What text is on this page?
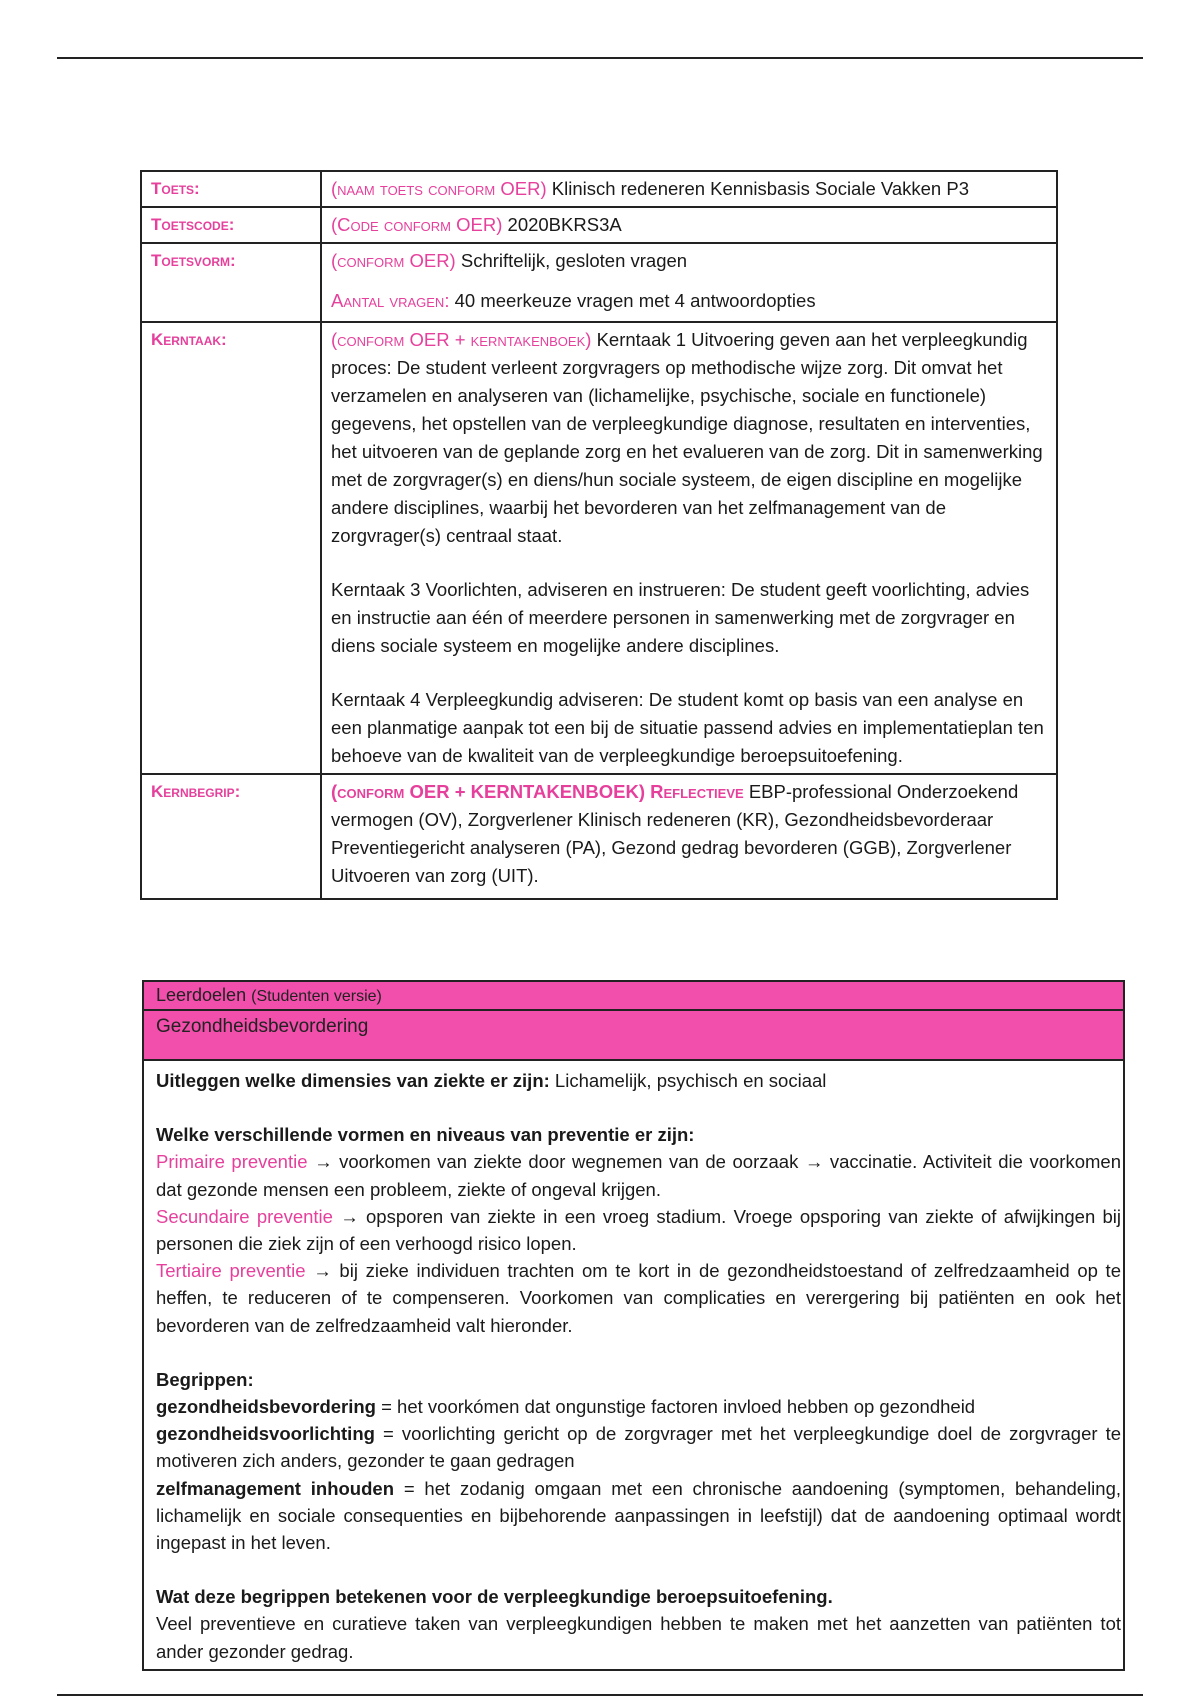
Toets:	(naam toets conform OER) Klinisch redeneren Kennisbasis Sociale Vakken P3
Toetscode:	(Code conform OER) 2020BKRS3A
Toetsvorm:	(conform OER) Schriftelijk, gesloten vragen
Aantal vragen: 40 meerkeuze vragen met 4 antwoordopties

Kerntaak:	(conform OER + kerntakenboek) Kerntaak 1 Uitvoering geven aan het verpleegkundig proces: De student verleent zorgvragers op methodische wijze zorg. Dit omvat het verzamelen en analyseren van (lichamelijke, psychische, sociale en functionele) gegevens, het opstellen van de verpleegkundige diagnose, resultaten en interventies, het uitvoeren van de geplande zorg en het evalueren van de zorg. Dit in samenwerking met de zorgvrager(s) en diens/hun sociale systeem, de eigen discipline en mogelijke andere disciplines, waarbij het bevorderen van het zelfmanagement van de zorgvrager(s) centraal staat.
Kerntaak 3 Voorlichten, adviseren en instrueren: De student geeft voorlichting, advies en instructie aan één of meerdere personen in samenwerking met de zorgvrager en diens sociale systeem en mogelijke andere disciplines.
Kerntaak 4 Verpleegkundig adviseren: De student komt op basis van een analyse en een planmatige aanpak tot een bij de situatie passend advies en implementatieplan ten behoeve van de kwaliteit van de verpleegkundige beroepsuitoefening.

Kernbegrip:	(conform OER + KERNTAKENBOEK) Reflectieve EBP-professional Onderzoekend vermogen (OV), Zorgverlener Klinisch redeneren (KR), Gezondheidsbevorderaar Preventiegericht analyseren (PA), Gezond gedrag bevorderen (GGB), Zorgverlener Uitvoeren van zorg (UIT).
Leerdoelen (Studenten versie)
Gezondheidsbevordering

Uitleggen welke dimensies van ziekte er zijn: Lichamelijk, psychisch en sociaal

Welke verschillende vormen en niveaus van preventie er zijn:

Primaire preventie → voorkomen van ziekte door wegnemen van de oorzaak → vaccinatie. Activiteit die voorkomen dat gezonde mensen een probleem, ziekte of ongeval krijgen.

Secundaire preventie → opsporen van ziekte in een vroeg stadium. Vroege opsporing van ziekte of afwijkingen bij personen die ziek zijn of een verhoogd risico lopen.

Tertiaire preventie → bij zieke individuen trachten om te kort in de gezondheidstoestand of zelfredzaamheid op te heffen, te reduceren of te compenseren. Voorkomen van complicaties en verergering bij patiënten en ook het bevorderen van de zelfredzaamheid valt hieronder.

Begrippen:

gezondheidsbevordering = het voorkómen dat ongunstige factoren invloed hebben op gezondheid

gezondheidsvoorlichting = voorlichting gericht op de zorgvrager met het verpleegkundige doel de zorgvrager te motiveren zich anders, gezonder te gaan gedragen

zelfmanagement inhouden = het zodanig omgaan met een chronische aandoening (symptomen, behandeling, lichamelijk en sociale consequenties en bijbehorende aanpassingen in leefstijl) dat de aandoening optimaal wordt ingepast in het leven.

Wat deze begrippen betekenen voor de verpleegkundige beroepsuitoefening.

Veel preventieve en curatieve taken van verpleegkundigen hebben te maken met het aanzetten van patiënten tot ander gezonder gedrag.
